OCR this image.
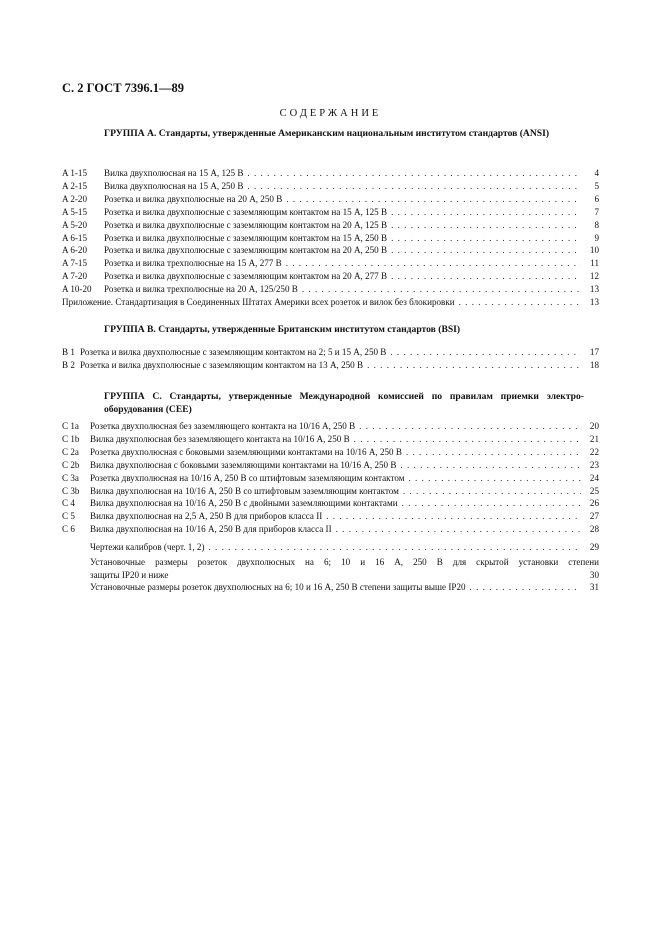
С. 2 ГОСТ 7396.1—89
СОДЕРЖАНИЕ
ГРУППА А. Стандарты, утвержденные Американским национальным институтом стандартов (ANSI)
A 1-15	Вилка двухполюсная на 15 А, 125 В . . .	4
A 2-15	Вилка двухполюсная на 15 А, 250 В . . .	5
A 2-20	Розетка и вилка двухполюсные на 20 А, 250 В . . .	6
A 5-15	Розетка и вилка двухполюсные с заземляющим контактом на 15 А, 125 В . . .	7
A 5-20	Розетка и вилка двухполюсные с заземляющим контактом на 20 А, 125 В . . .	8
A 6-15	Розетка и вилка двухполюсные с заземляющим контактом на 15 А, 250 В . . .	9
A 6-20	Розетка и вилка двухполюсные с заземляющим контактом на 20 А, 250 В . . .	10
A 7-15	Розетка и вилка трехполюсные на 15 А, 277 В . . .	11
A 7-20	Розетка и вилка двухполюсные с заземляющим контактом на 20 А, 277 В . . .	12
A 10-20	Розетка и вилка трехполюсные на 20 А, 125/250 В . . .	13
Приложение. Стандартизация в Соединенных Штатах Америки всех розеток и вилок без блокировки . . .	13
ГРУППА В. Стандарты, утвержденные Британским институтом стандартов (BSI)
В 1 Розетка и вилка двухполюсные с заземляющим контактом на 2; 5 и 15 А, 250 В . . .	17
В 2 Розетка и вилка двухполюсные с заземляющим контактом на 13 А, 250 В . . .	18
ГРУППА С. Стандарты, утвержденные Международной комиссией по правилам приемки электро-
оборудования (СЕЕ)
С 1а	Розетка двухполюсная без заземляющего контакта на 10/16 А, 250 В . . .	20
С 1b	Вилка двухполюсная без заземляющего контакта на 10/16 А, 250 В . . .	21
С 2а	Розетка двухполюсная с боковыми заземляющими контактами на 10/16 А, 250 В . . .	22
С 2b	Вилка двухполюсная с боковыми заземляющими контактами на 10/16 А, 250 В . . .	23
С 3а	Розетка двухполюсная на 10/16 А, 250 В со штифтовым заземляющим контактом . . .	24
С 3b	Вилка двухполюсная на 10/16 А, 250 В со штифтовым заземляющим контактом . . .	25
С 4	Вилка двухполюсная на 10/16 А, 250 В с двойными заземляющими контактами . . .	26
С 5	Вилка двухполюсная на 2,5 А, 250 В для приборов класса II . . .	27
С 6	Вилка двухполюсная на 10/16 А, 250 В для приборов класса II . . .	28
Чертежи калибров (черт. 1, 2) . . .	29
Установочные размеры розеток двухполюсных на 6; 10 и 16 А, 250 В для скрытой установки степени
защиты IP20 и ниже	30
Установочные размеры розеток двухполюсных на 6; 10 и 16 А, 250 В степени защиты выше IP20 . . .	31
